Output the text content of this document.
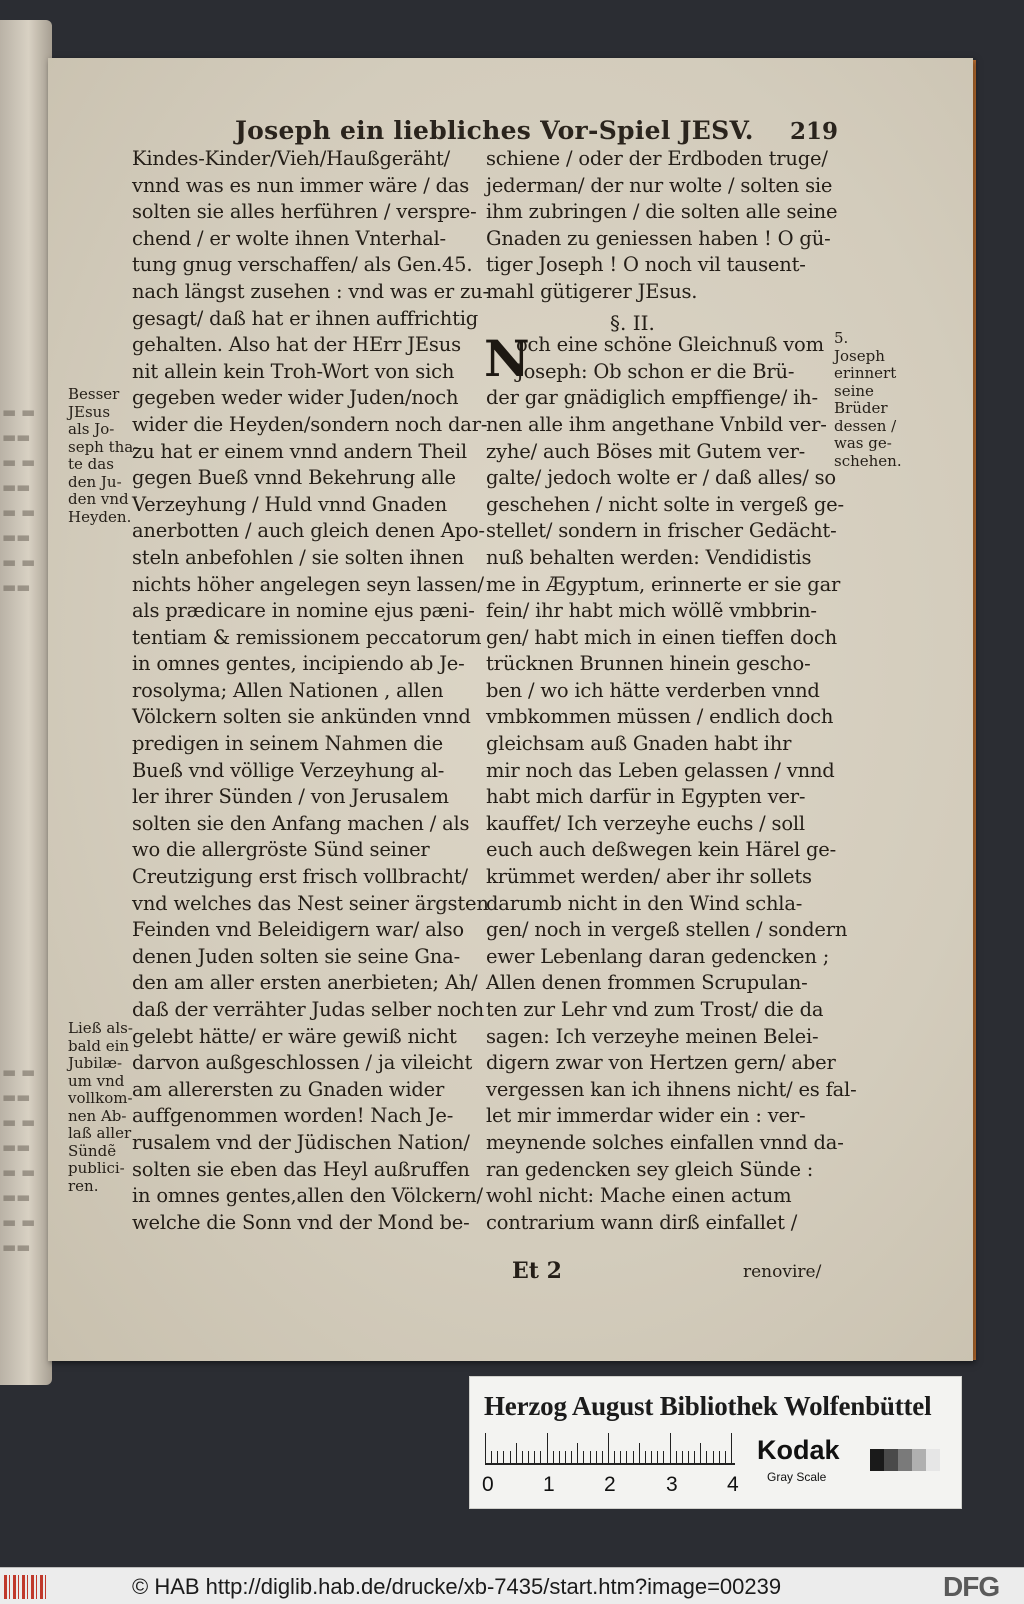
▬ ▬
▬▬
▬ ▬
▬▬
▬ ▬
▬▬
▬ ▬
▬▬
▬ ▬
▬▬
▬ ▬
▬▬
▬ ▬
▬▬
▬ ▬
▬▬
Joseph ein liebliches Vor-Spiel JESV.	219
Kindes-Kinder/Vieh/Haußgeräht/
vnnd was es nun immer wäre / das
solten sie alles herführen / verspre-
chend / er wolte ihnen Vnterhal-
tung gnug verschaffen/ als Gen.45.
nach längst zusehen : vnd was er zu-
gesagt/ daß hat er ihnen auffrichtig
gehalten. Also hat der HErr JEsus
nit allein kein Troh-Wort von sich
gegeben weder wider Juden/noch
wider die Heyden/sondern noch dar-
zu hat er einem vnnd andern Theil
gegen Bueß vnnd Bekehrung alle
Verzeyhung / Huld vnnd Gnaden
anerbotten / auch gleich denen Apo-
steln anbefohlen / sie solten ihnen
nichts höher angelegen seyn lassen/
als prædicare in nomine ejus pæni-
tentiam & remissionem peccatorum
in omnes gentes, incipiendo ab Je-
rosolyma; Allen Nationen , allen
Völckern solten sie ankünden vnnd
predigen in seinem Nahmen die
Bueß vnd völlige Verzeyhung al-
ler ihrer Sünden / von Jerusalem
solten sie den Anfang machen / als
wo die allergröste Sünd seiner
Creutzigung erst frisch vollbracht/
vnd welches das Nest seiner ärgsten
Feinden vnd Beleidigern war/ also
denen Juden solten sie seine Gna-
den am aller ersten anerbieten; Ah/
daß der verrähter Judas selber noch
gelebt hätte/ er wäre gewiß nicht
darvon außgeschlossen / ja vileicht
am allerersten zu Gnaden wider
auffgenommen worden! Nach Je-
rusalem vnd der Jüdischen Nation/
solten sie eben das Heyl außruffen
in omnes gentes,allen den Völckern/
welche die Sonn vnd der Mond be-
schiene / oder der Erdboden truge/
jederman/ der nur wolte / solten sie
ihm zubringen / die solten alle seine
Gnaden zu geniessen haben ! O gü-
tiger Joseph ! O noch vil tausent-
mahl gütigerer JEsus.
och eine schöne Gleichnuß vom
Joseph: Ob schon er die Brü-
der gar gnädiglich empffienge/ ih-
nen alle ihm angethane Vnbild ver-
zyhe/ auch Böses mit Gutem ver-
galte/ jedoch wolte er / daß alles/ so
geschehen / nicht solte in vergeß ge-
stellet/ sondern in frischer Gedächt-
nuß behalten werden: Vendidistis
me in Ægyptum, erinnerte er sie gar
fein/ ihr habt mich wöllẽ vmbbrin-
gen/ habt mich in einen tieffen doch
trücknen Brunnen hinein gescho-
ben / wo ich hätte verderben vnnd
vmbkommen müssen / endlich doch
gleichsam auß Gnaden habt ihr
mir noch das Leben gelassen / vnnd
habt mich darfür in Egypten ver-
kauffet/ Ich verzeyhe euchs / soll
euch auch deßwegen kein Härel ge-
krümmet werden/ aber ihr sollets
darumb nicht in den Wind schla-
gen/ noch in vergeß stellen / sondern
ewer Lebenlang daran gedencken ;
Allen denen frommen Scrupulan-
ten zur Lehr vnd zum Trost/ die da
sagen: Ich verzeyhe meinen Belei-
digern zwar von Hertzen gern/ aber
vergessen kan ich ihnens nicht/ es fal-
let mir immerdar wider ein : ver-
meynende solches einfallen vnnd da-
ran gedencken sey gleich Sünde :
wohl nicht: Mache einen actum
contrarium wann dirß einfallet /
§. II.
N
Besser
JEsus
als Jo-
seph tha-
te das
den Ju-
den vnd
Heyden.
Ließ als-
bald ein
Jubilæ-
um vnd
vollkom-
nen Ab-
laß aller
Sündẽ
publici-
ren.
5.
Joseph
erinnert
seine
Brüder
dessen /
was ge-
schehen.
Et 2	renovire/
Herzog August Bibliothek Wolfenbüttel
0 1 2 3 4
Kodak
Gray Scale
© HAB http://diglib.hab.de/drucke/xb-7435/start.htm?image=00239	DFG
